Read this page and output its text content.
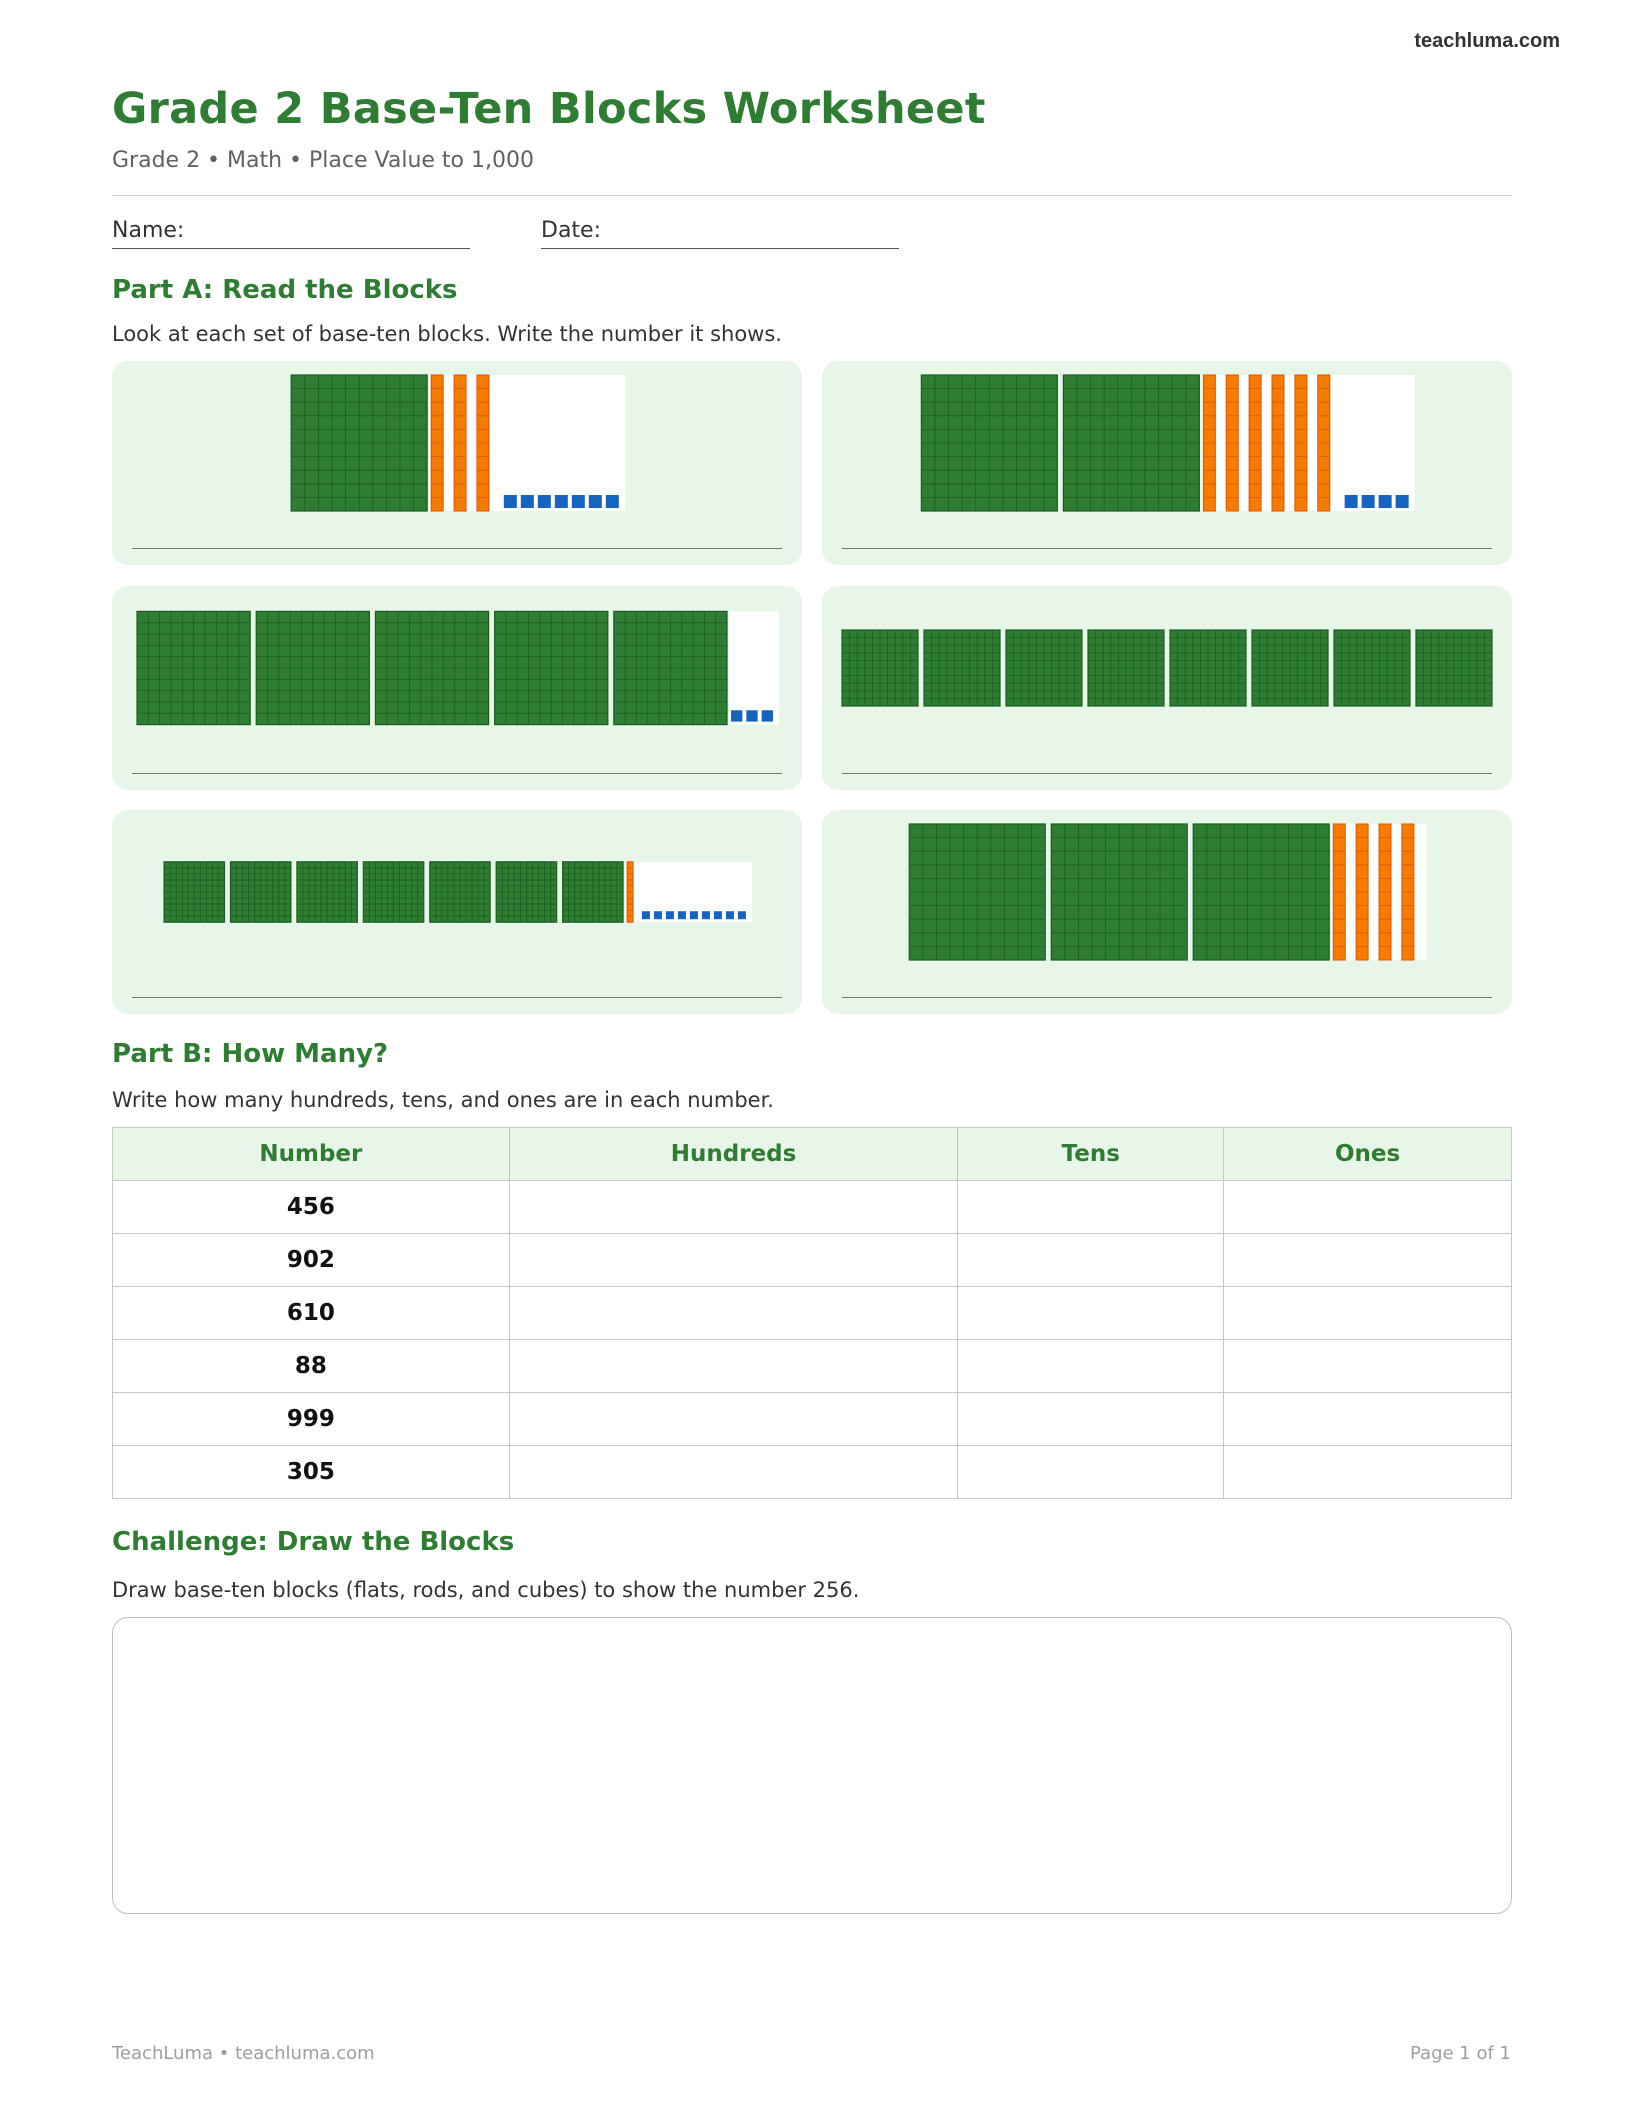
teachluma.com
Grade 2 Base-Ten Blocks Worksheet
Grade 2 • Math • Place Value to 1,000
Name:	Date:
Part A: Read the Blocks
Look at each set of base-ten blocks. Write the number it shows.
Part B: How Many?
Write how many hundreds, tens, and ones are in each number.
Number	Hundreds	Tens	Ones
456			
902			
610			
88			
999			
305			
Challenge: Draw the Blocks
Draw base-ten blocks (flats, rods, and cubes) to show the number 256.
TeachLuma • teachluma.com	Page 1 of 1
